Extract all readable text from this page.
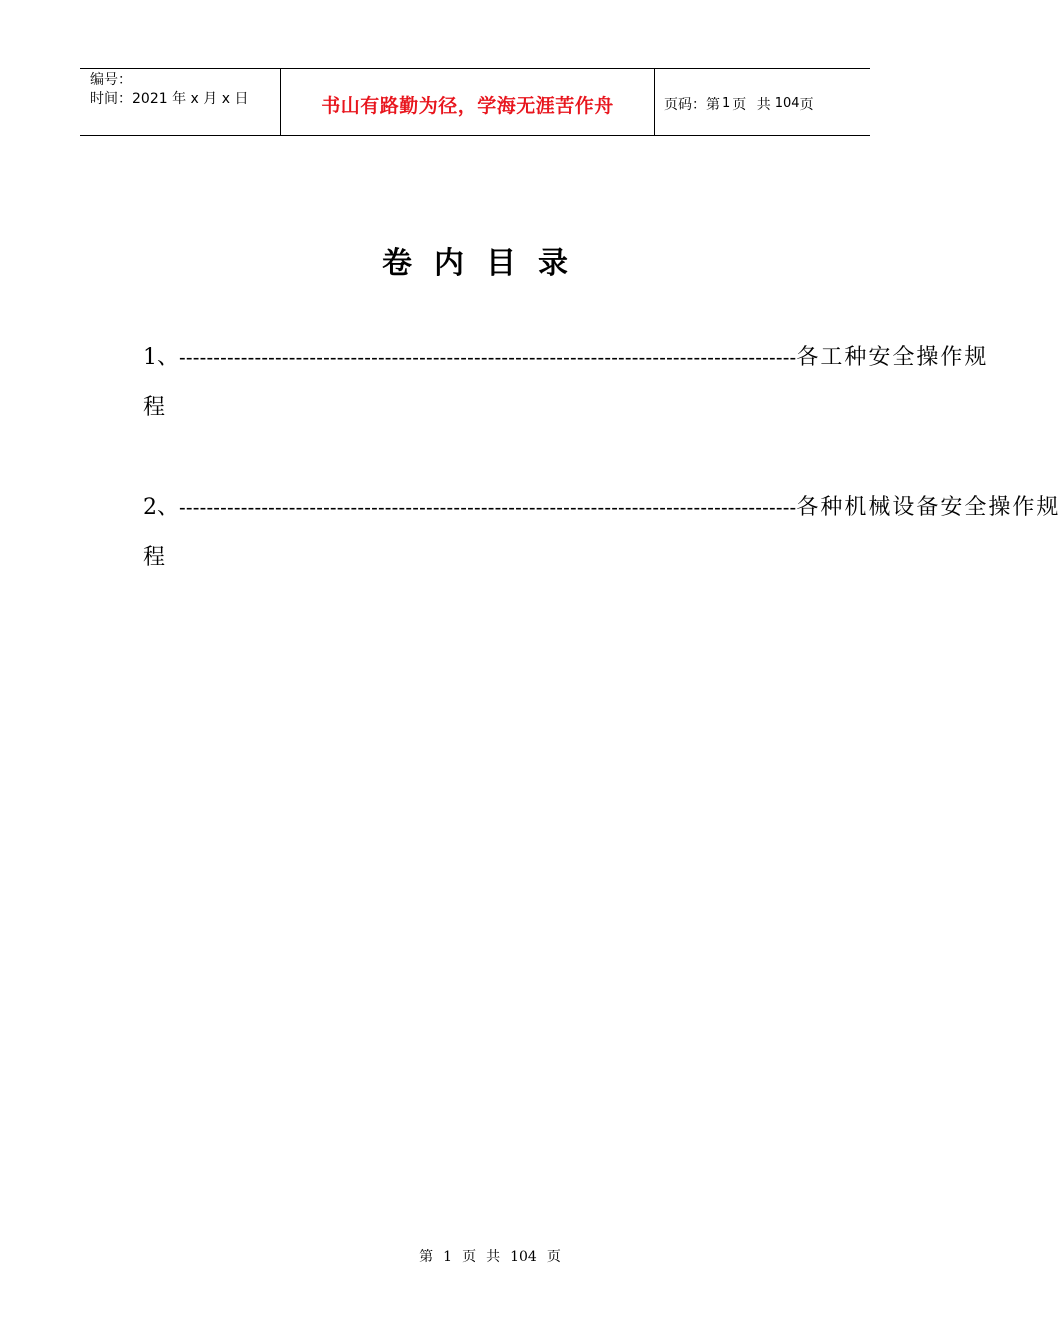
编号：
时间：2021 年 x 月 x 日	书山有路勤为径，学海无涯苦作舟	页码：第 1 页 共 104 页
卷内目录
1、 ------------------------------------------------------------------------------------------ 各工种安全操作规
程
2、 ------------------------------------------------------------------------------------------ 各种机械设备安全操作规
程
第 1 页 共 104 页
